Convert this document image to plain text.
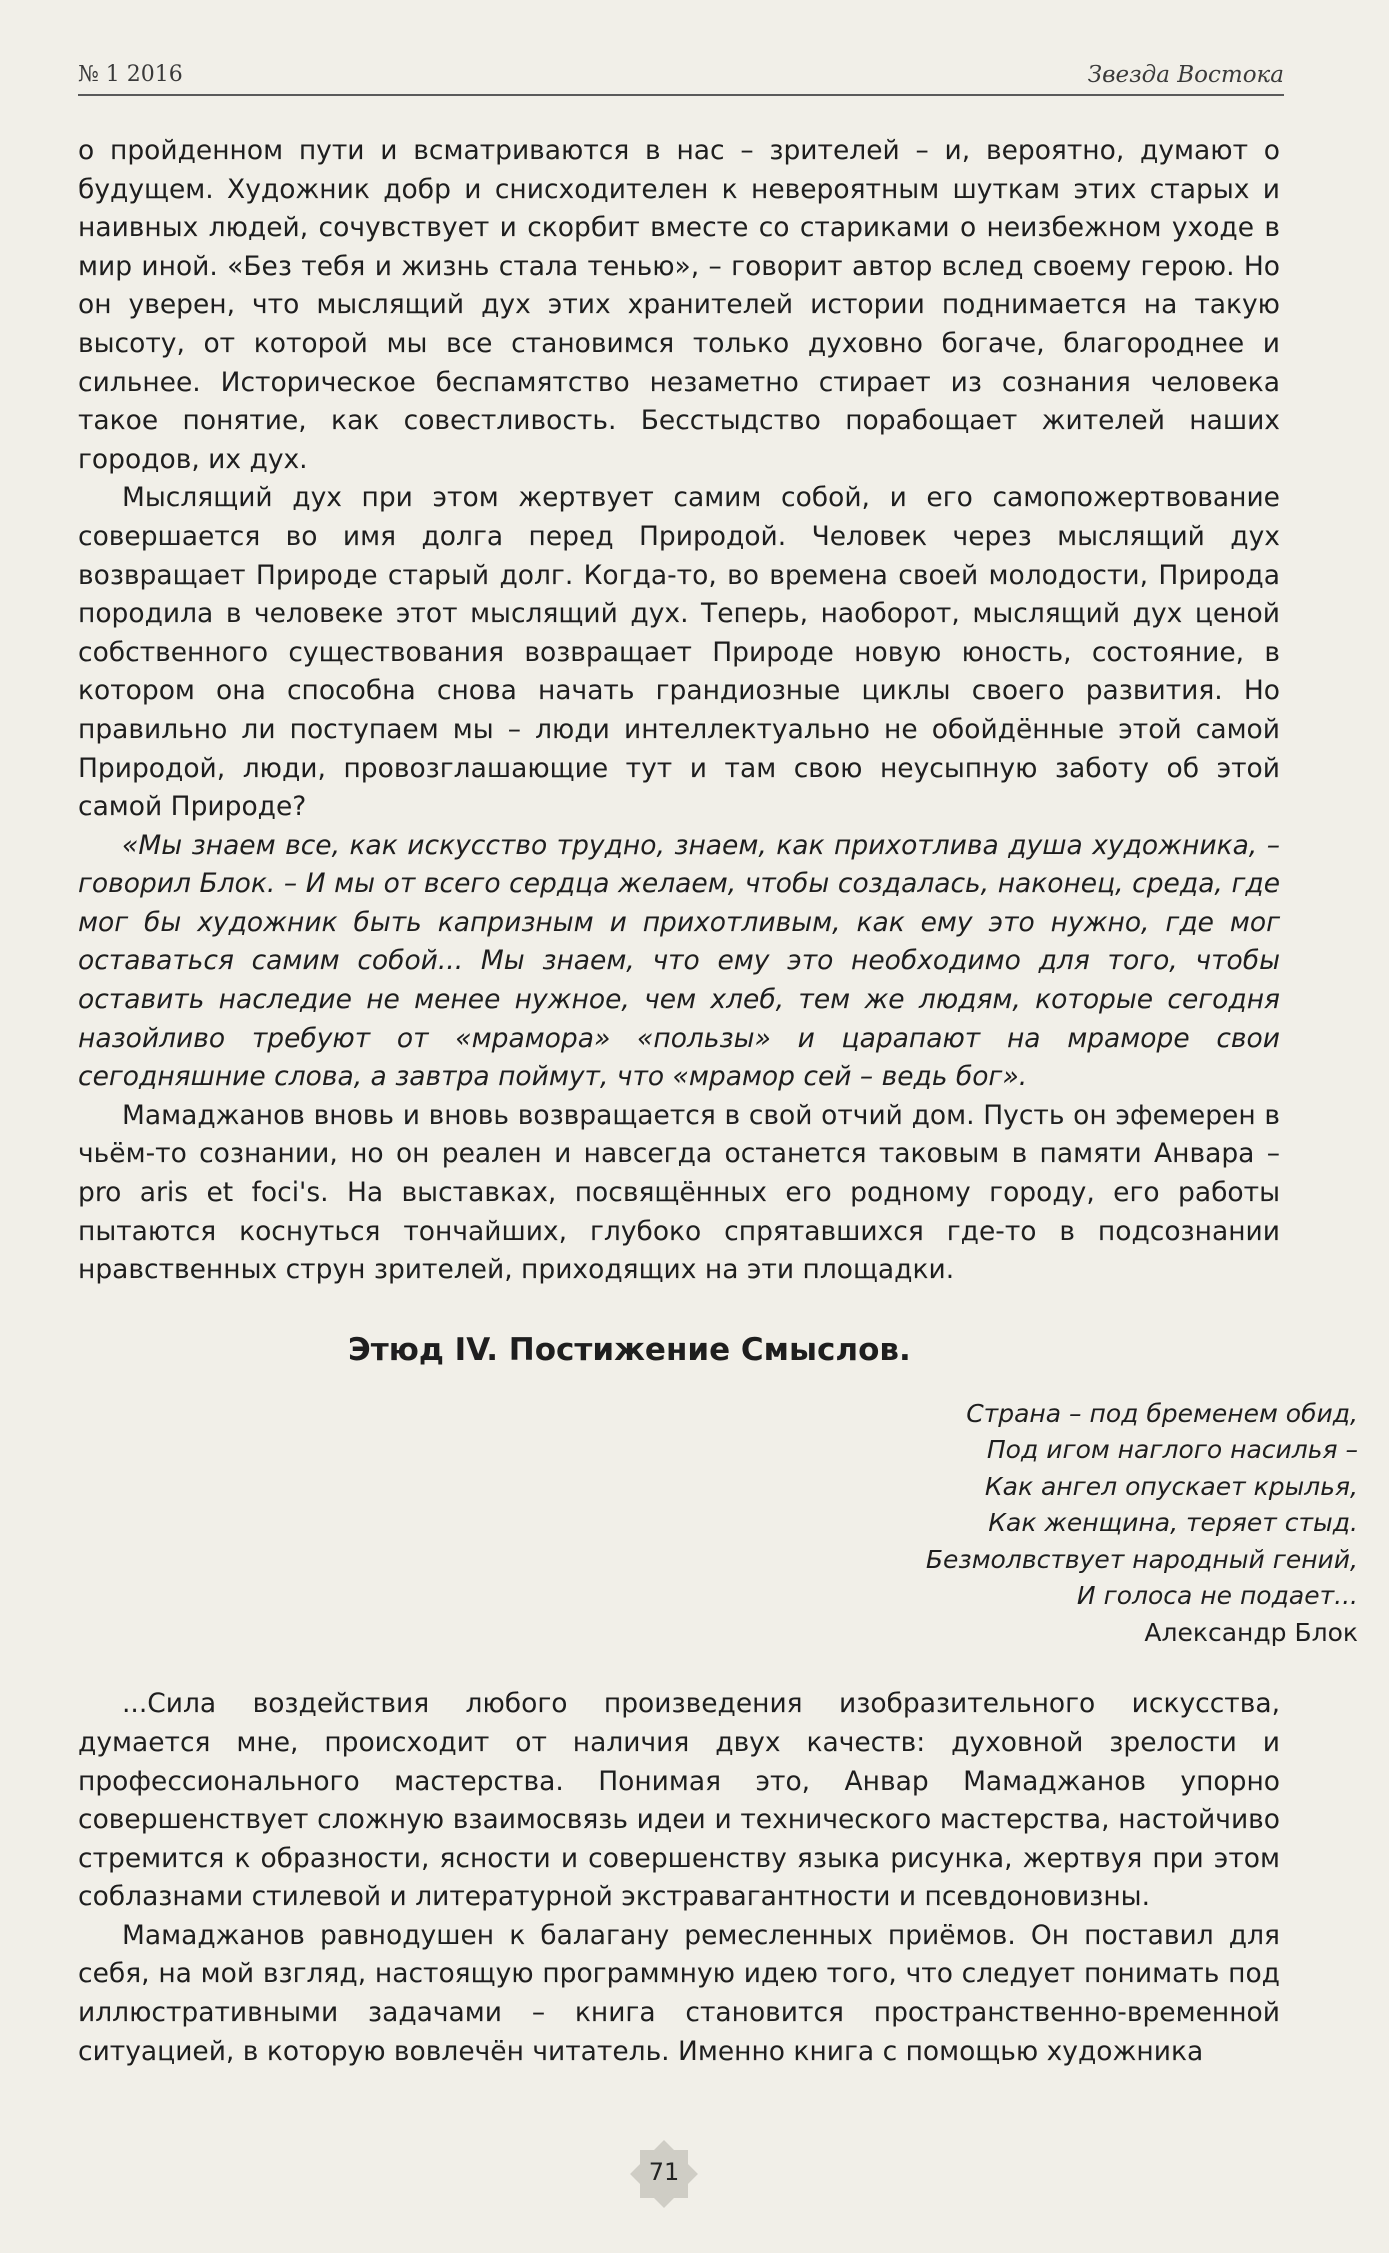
№ 1 2016	Звезда Востока

о пройденном пути и всматриваются в нас – зрителей – и, вероятно, думают о будущем. Художник добр и снисходителен к невероятным шуткам этих старых и наивных людей, сочувствует и скорбит вместе со стариками о неизбежном уходе в мир иной. «Без тебя и жизнь стала тенью», – говорит автор вслед своему герою. Но он уверен, что мыслящий дух этих хранителей истории поднимается на такую высоту, от которой мы все становимся только духовно богаче, благороднее и сильнее. Историческое беспамятство незаметно стирает из сознания человека такое понятие, как совестливость. Бесстыдство порабощает жителей наших городов, их дух.

Мыслящий дух при этом жертвует самим собой, и его самопожертвование совершается во имя долга перед Природой. Человек через мыслящий дух возвращает Природе старый долг. Когда-то, во времена своей молодости, Природа породила в человеке этот мыслящий дух. Теперь, наоборот, мыслящий дух ценой собственного существования возвращает Природе новую юность, состояние, в котором она способна снова начать грандиозные циклы своего развития. Но правильно ли поступаем мы – люди интеллектуально не обойдённые этой самой Природой, люди, провозглашающие тут и там свою неусыпную заботу об этой самой Природе?

«Мы знаем все, как искусство трудно, знаем, как прихотлива душа художника, – говорил Блок. – И мы от всего сердца желаем, чтобы создалась, наконец, среда, где мог бы художник быть капризным и прихотливым, как ему это нужно, где мог оставаться самим собой... Мы знаем, что ему это необходимо для того, чтобы оставить наследие не менее нужное, чем хлеб, тем же людям, которые сегодня назойливо требуют от «мрамора» «пользы» и царапают на мраморе свои сегодняшние слова, а завтра поймут, что «мрамор сей – ведь бог».

Мамаджанов вновь и вновь возвращается в свой отчий дом. Пусть он эфемерен в чьём-то сознании, но он реален и навсегда останется таковым в памяти Анвара – pro aris et foci's. На выставках, посвящённых его родному городу, его работы пытаются коснуться тончайших, глубоко спрятавшихся где-то в подсознании нравственных струн зрителей, приходящих на эти площадки.

Этюд IV. Постижение Смыслов.
Страна – под бременем обид,
Под игом наглого насилья –
Как ангел опускает крылья,
Как женщина, теряет стыд.
Безмолвствует народный гений,
И голоса не подает...
Александр Блок

...Сила воздействия любого произведения изобразительного искусства, думается мне, происходит от наличия двух качеств: духовной зрелости и профессионального мастерства. Понимая это, Анвар Мамаджанов упорно совершенствует сложную взаимосвязь идеи и технического мастерства, настойчиво стремится к образности, ясности и совершенству языка рисунка, жертвуя при этом соблазнами стилевой и литературной экстравагантности и псевдоновизны.

Мамаджанов равнодушен к балагану ремесленных приёмов. Он поставил для себя, на мой взгляд, настоящую программную идею того, что следует понимать под иллюстративными задачами – книга становится пространственно-временной ситуацией, в которую вовлечён читатель. Именно книга с помощью художника

71
